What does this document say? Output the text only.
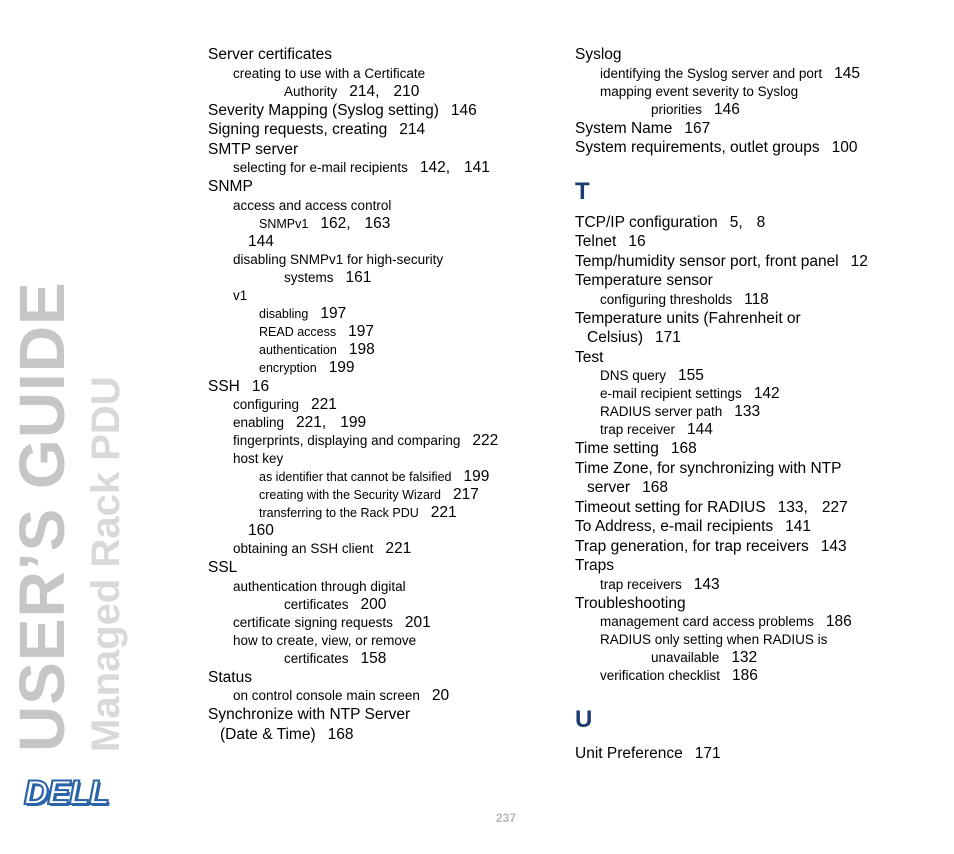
USER’S GUIDE Managed Rack PDU
DELL
Server certificates
creating to use with a Certificate
Authority 214, 210
Severity Mapping (Syslog setting) 146
Signing requests, creating 214
SMTP server
selecting for e-mail recipients 142, 141
SNMP
access and access control
SNMPv1 162, 163
144
disabling SNMPv1 for high-security
systems 161
v1
disabling 197
READ access 197
authentication 198
encryption 199
SSH 16
configuring 221
enabling 221, 199
fingerprints, displaying and comparing 222
host key
as identifier that cannot be falsified 199
creating with the Security Wizard 217
transferring to the Rack PDU 221
160
obtaining an SSH client 221
SSL
authentication through digital
certificates 200
certificate signing requests 201
how to create, view, or remove
certificates 158
Status
on control console main screen 20
Synchronize with NTP Server
(Date & Time) 168
Syslog
identifying the Syslog server and port 145
mapping event severity to Syslog
priorities 146
System Name 167
System requirements, outlet groups 100
T
TCP/IP configuration 5, 8
Telnet 16
Temp/humidity sensor port, front panel 12
Temperature sensor
configuring thresholds 118
Temperature units (Fahrenheit or
Celsius) 171
Test
DNS query 155
e-mail recipient settings 142
RADIUS server path 133
trap receiver 144
Time setting 168
Time Zone, for synchronizing with NTP
server 168
Timeout setting for RADIUS 133, 227
To Address, e-mail recipients 141
Trap generation, for trap receivers 143
Traps
trap receivers 143
Troubleshooting
management card access problems 186
RADIUS only setting when RADIUS is
unavailable 132
verification checklist 186
U
Unit Preference 171
237
